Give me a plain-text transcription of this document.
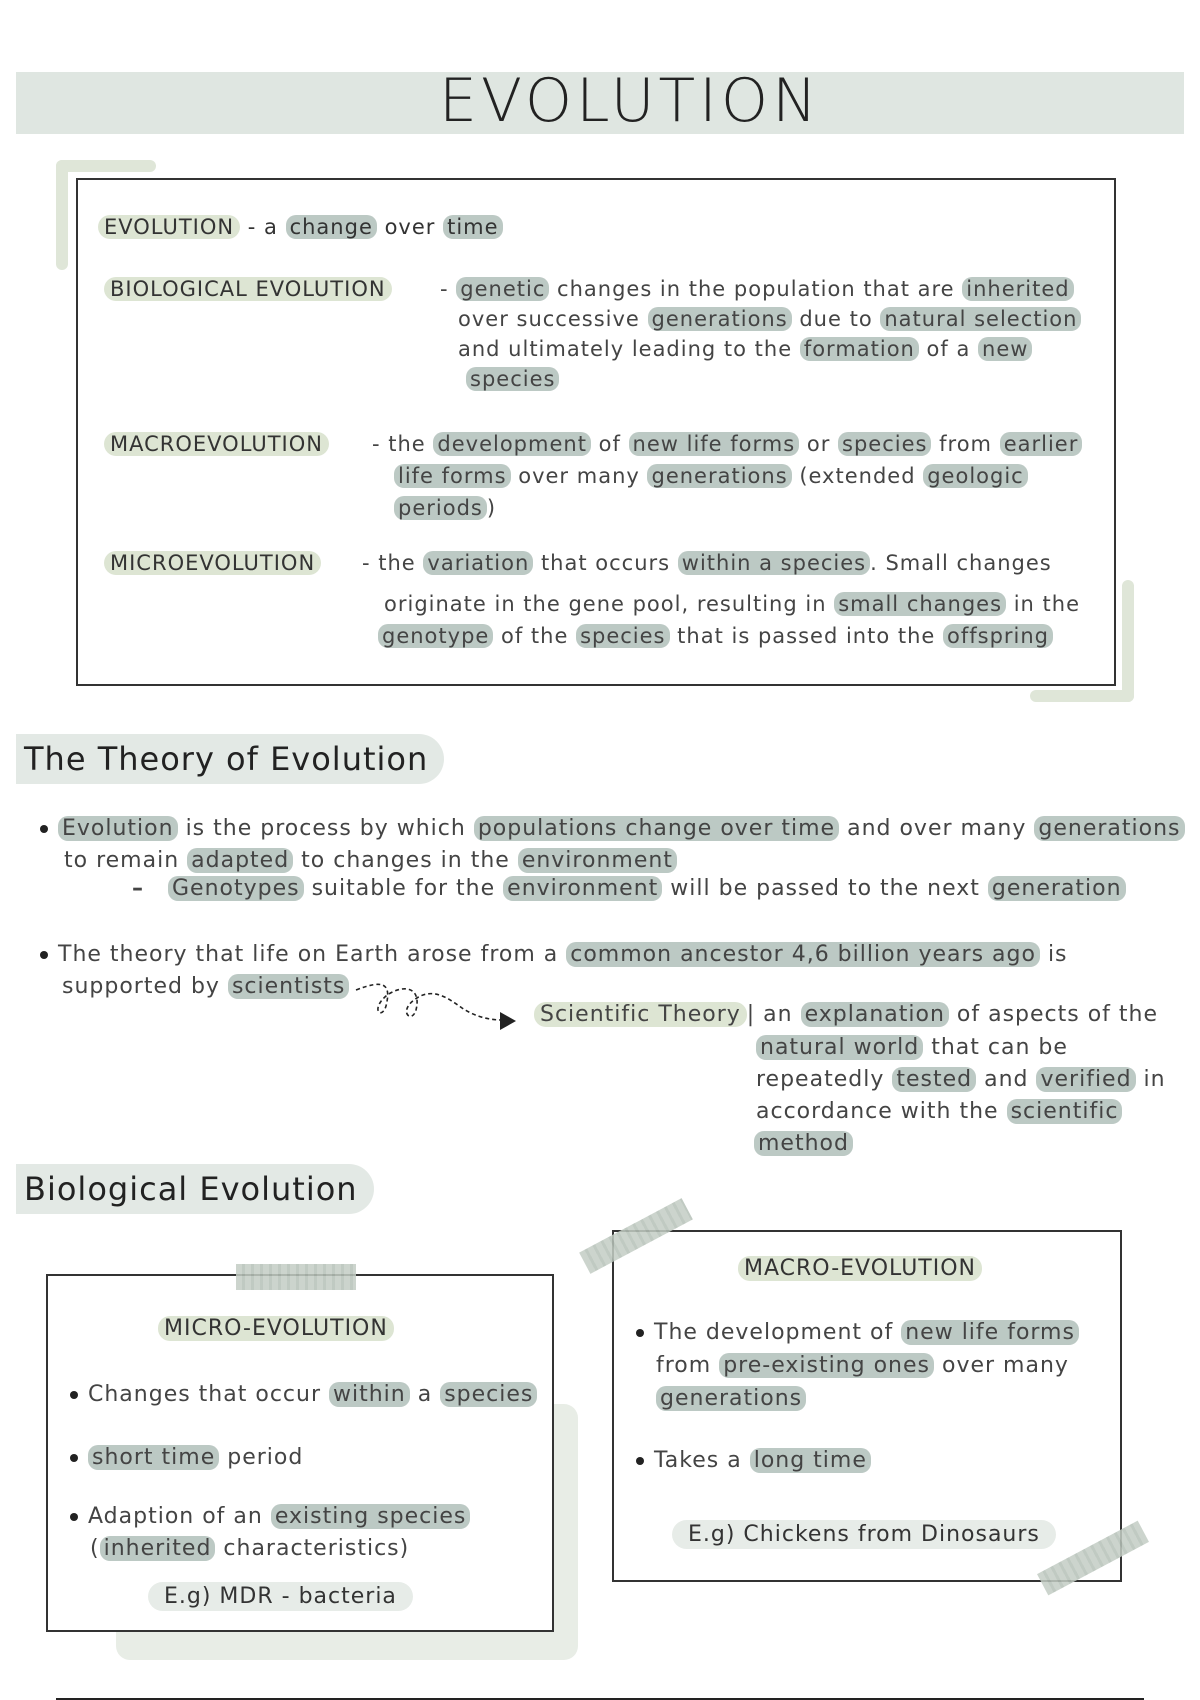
EVOLUTION
EVOLUTION - a change over time
BIOLOGICAL EVOLUTION	- genetic changes in the population that are inherited
over successive generations due to natural selection
and ultimately leading to the formation of a new
species
MACROEVOLUTION - the development of new life forms or species from earlier
life forms over many generations (extended geologic
periods )
MICROEVOLUTION - the variation that occurs within a species . Small changes
originate in the gene pool, resulting in small changes in the
genotype of the species that is passed into the offspring
The Theory of Evolution
Evolution is the process by which populations change over time and over many generations
to remain adapted to changes in the environment
– Genotypes suitable for the environment will be passed to the next generation
The theory that life on Earth arose from a common ancestor 4,6 billion years ago is
supported by scientists
Scientific Theory | an explanation of aspects of the
natural world that can be
repeatedly tested and verified in
accordance with the scientific
method
Biological Evolution
MICRO-EVOLUTION
Changes that occur within a species
short time period
Adaption of an existing species
( inherited characteristics)
E.g) MDR - bacteria
MACRO-EVOLUTION
The development of new life forms
from pre-existing ones over many
generations
Takes a long time
E.g) Chickens from Dinosaurs
